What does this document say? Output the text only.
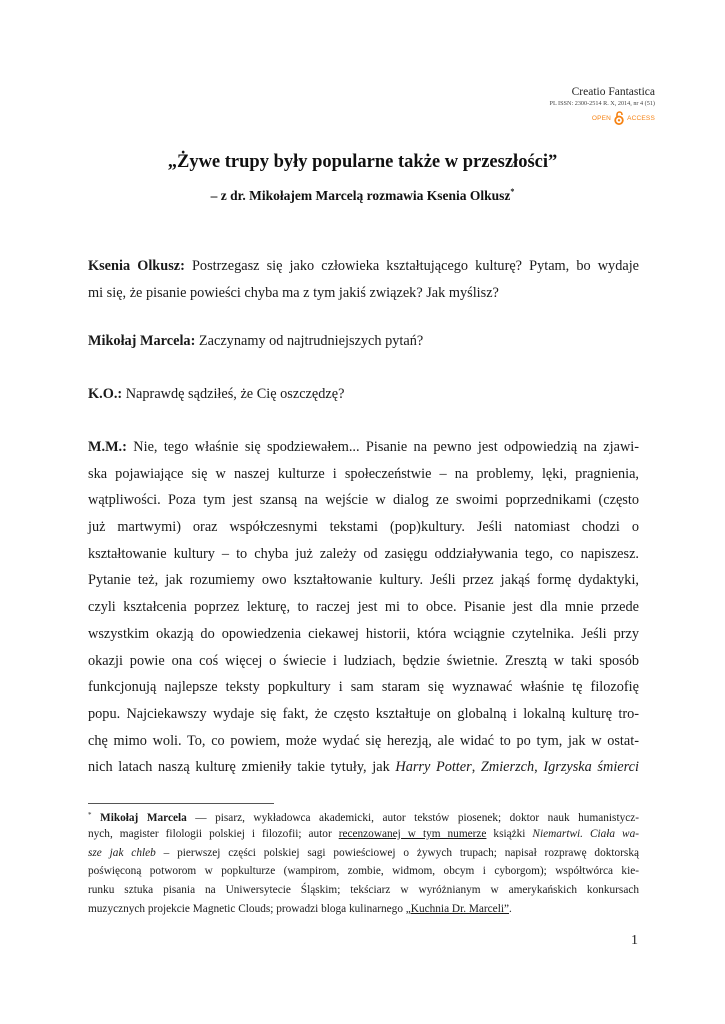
Creatio Fantastica
PL ISSN: 2300-2514 R. X, 2014, nr 4 (51)
OPEN ACCESS
„Żywe trupy były popularne także w przeszłości”
– z dr. Mikołajem Marcelą rozmawia Ksenia Olkusz*
Ksenia Olkusz: Postrzegasz się jako człowieka kształtującego kulturę? Pytam, bo wydaje
mi się, że pisanie powieści chyba ma z tym jakiś związek? Jak myślisz?
Mikołaj Marcela: Zaczynamy od najtrudniejszych pytań?
K.O.: Naprawdę sądziłeś, że Cię oszczędzę?
M.M.: Nie, tego właśnie się spodziewałem... Pisanie na pewno jest odpowiedzią na zjawi-
ska pojawiające się w naszej kulturze i społeczeństwie – na problemy, lęki, pragnienia,
wątpliwości. Poza tym jest szansą na wejście w dialog ze swoimi poprzednikami (często
już martwymi) oraz współczesnymi tekstami (pop)kultury. Jeśli natomiast chodzi o
kształtowanie kultury – to chyba już zależy od zasięgu oddziaływania tego, co napiszesz.
Pytanie też, jak rozumiemy owo kształtowanie kultury. Jeśli przez jakąś formę dydaktyki,
czyli kształcenia poprzez lekturę, to raczej jest mi to obce. Pisanie jest dla mnie przede
wszystkim okazją do opowiedzenia ciekawej historii, która wciągnie czytelnika. Jeśli przy
okazji powie ona coś więcej o świecie i ludziach, będzie świetnie. Zresztą w taki sposób
funkcjonują najlepsze teksty popkultury i sam staram się wyznawać właśnie tę filozofię
popu. Najciekawszy wydaje się fakt, że często kształtuje on globalną i lokalną kulturę tro-
chę mimo woli. To, co powiem, może wydać się herezją, ale widać to po tym, jak w ostat-
nich latach naszą kulturę zmieniły takie tytuły, jak Harry Potter, Zmierzch, Igrzyska śmierci
* Mikołaj Marcela — pisarz, wykładowca akademicki, autor tekstów piosenek; doktor nauk humanistycz-
nych, magister filologii polskiej i filozofii; autor recenzowanej w tym numerze książki Niemartwi. Ciała wa-
sze jak chleb – pierwszej części polskiej sagi powieściowej o żywych trupach; napisał rozprawę doktorską
poświęconą potworom w popkulturze (wampirom, zombie, widmom, obcym i cyborgom); współtwórca kie-
runku sztuka pisania na Uniwersytecie Śląskim; tekściarz w wyróżnianym w amerykańskich konkursach
muzycznych projekcie Magnetic Clouds; prowadzi bloga kulinarnego „Kuchnia Dr. Marceli”.
1
